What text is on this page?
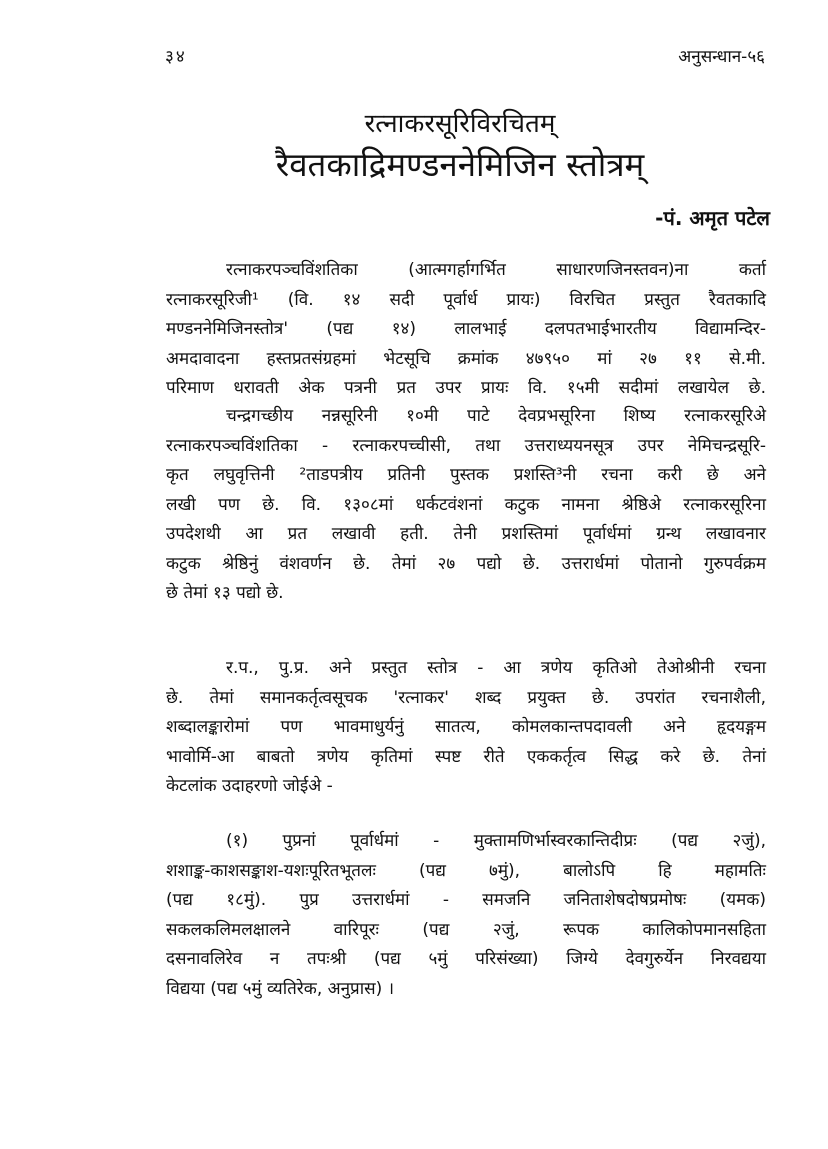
३४	अनुसन्धान-५६
रत्नाकरसूरिविरचितम्
रैवतकाद्रिमण्डननेमिजिन स्तोत्रम्
-पं. अमृत पटेल
रत्नाकरपञ्चविंशतिका (आत्मगर्हागर्भित साधारणजिनस्तवन)ना कर्ता
रत्नाकरसूरिजी¹ (वि. १४ सदी पूर्वार्ध प्रायः) विरचित प्रस्तुत रैवतकादि
मण्डननेमिजिनस्तोत्र' (पद्य १४) लालभाई दलपतभाईभारतीय विद्यामन्दिर-
अमदावादना हस्तप्रतसंग्रहमां भेटसूचि क्रमांक ४७९५० मां २७ ११ से.मी.
परिमाण धरावती अेक पत्रनी प्रत उपर प्रायः वि. १५मी सदीमां लखायेल छे.
चन्द्रगच्छीय नन्नसूरिनी १०मी पाटे देवप्रभसूरिना शिष्य रत्नाकरसूरिअे
रत्नाकरपञ्चविंशतिका - रत्नाकरपच्चीसी, तथा उत्तराध्ययनसूत्र उपर नेमिचन्द्रसूरि-
कृत लघुवृत्तिनी ²ताडपत्रीय प्रतिनी पुस्तक प्रशस्ति³नी रचना करी छे अने
लखी पण छे. वि. १३०८मां धर्कटवंशनां कटुक नामना श्रेष्ठिअे रत्नाकरसूरिना
उपदेशथी आ प्रत लखावी हती. तेनी प्रशस्तिमां पूर्वार्धमां ग्रन्थ लखावनार
कटुक श्रेष्ठिनुं वंशवर्णन छे. तेमां २७ पद्यो छे. उत्तरार्धमां पोतानो गुरुपर्वक्रम
छे तेमां १३ पद्यो छे.
र.प., पु.प्र. अने प्रस्तुत स्तोत्र - आ त्रणेय कृतिओ तेओश्रीनी रचना
छे. तेमां समानकर्तृत्वसूचक 'रत्नाकर' शब्द प्रयुक्त छे. उपरांत रचनाशैली,
शब्दालङ्कारोमां पण भावमाधुर्यनुं सातत्य, कोमलकान्तपदावली अने हृदयङ्गम
भावोर्मि-आ बाबतो त्रणेय कृतिमां स्पष्ट रीते एककर्तृत्व सिद्ध करे छे. तेनां
केटलांक उदाहरणो जोईअे -
(१) पुप्रनां पूर्वार्धमां - मुक्तामणिर्भास्वरकान्तिदीप्रः (पद्य २जुं),
शशाङ्क-काशसङ्काश-यशःपूरितभूतलः (पद्य ७मुं), बालोऽपि हि महामतिः
(पद्य १८मुं). पुप्र उत्तरार्धमां - समजनि जनिताशेषदोषप्रमोषः (यमक)
सकलकलिमलक्षालने वारिपूरः (पद्य २जुं, रूपक कालिकोपमानसहिता
दसनावलिरेव न तपःश्री (पद्य ५मुं परिसंख्या) जिग्ये देवगुरुर्येन निरवद्यया
विद्यया (पद्य ५मुं व्यतिरेक, अनुप्रास) ।
